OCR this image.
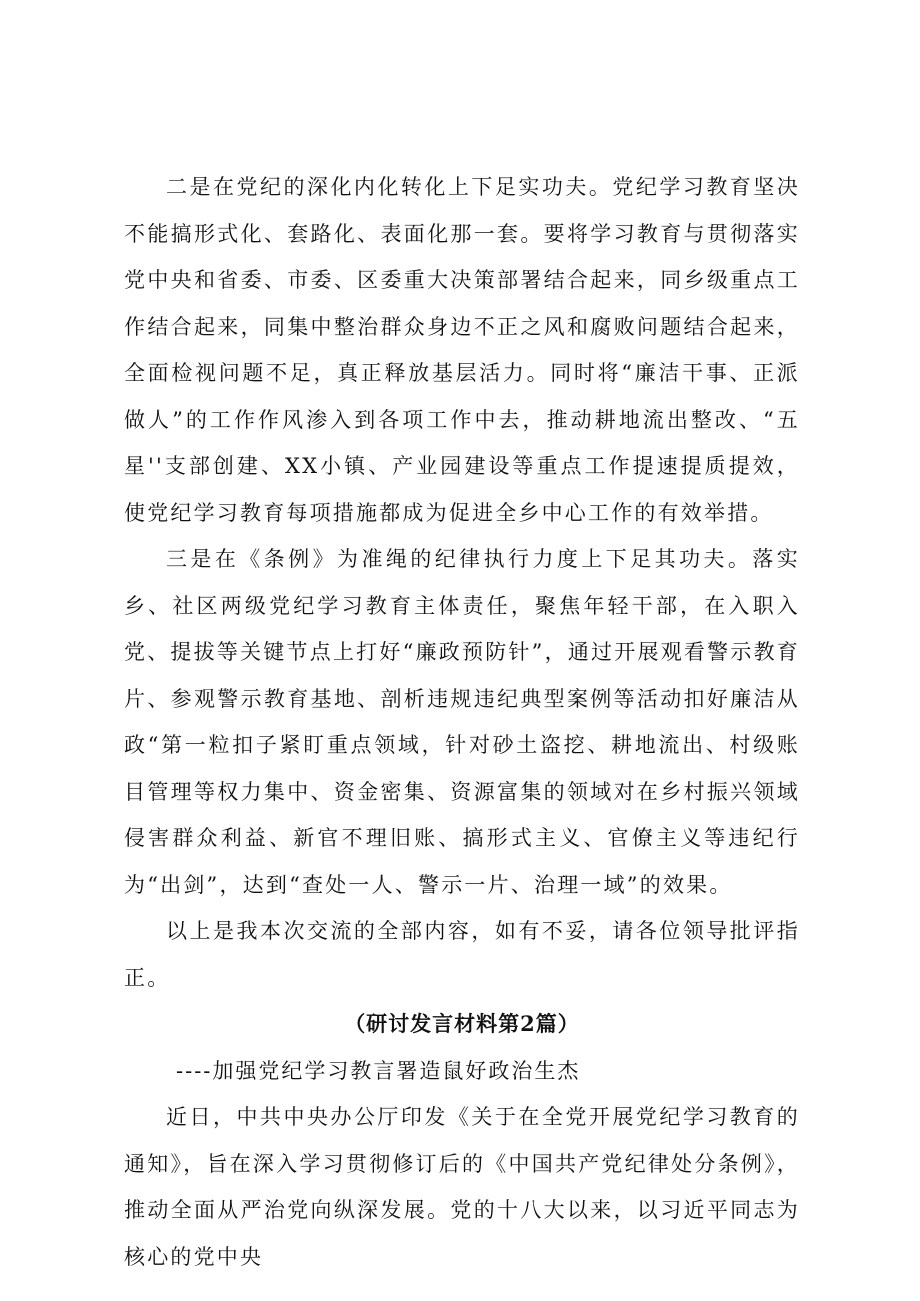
二是在党纪的深化内化转化上下足实功夫。党纪学习教育坚决不能搞形式化、套路化、表面化那一套。要将学习教育与贯彻落实党中央和省委、市委、区委重大决策部署结合起来，同乡级重点工作结合起来，同集中整治群众身边不正之风和腐败问题结合起来，全面检视问题不足，真正释放基层活力。同时将“廉洁干事、正派做人”的工作作风渗入到各项工作中去，推动耕地流出整改、“五星''支部创建、XX小镇、产业园建设等重点工作提速提质提效，使党纪学习教育每项措施都成为促进全乡中心工作的有效举措。

三是在《条例》为准绳的纪律执行力度上下足其功夫。落实乡、社区两级党纪学习教育主体责任，聚焦年轻干部，在入职入党、提拔等关键节点上打好“廉政预防针”，通过开展观看警示教育片、参观警示教育基地、剖析违规违纪典型案例等活动扣好廉洁从政“第一粒扣子紧盯重点领域，针对砂土盗挖、耕地流出、村级账目管理等权力集中、资金密集、资源富集的领域对在乡村振兴领域侵害群众利益、新官不理旧账、搞形式主义、官僚主义等违纪行为“出剑”，达到“查处一人、警示一片、治理一域”的效果。

以上是我本次交流的全部内容，如有不妥，请各位领导批评指正。

（研讨发言材料第2篇）

----加强党纪学习教言署造鼠好政治生杰

近日，中共中央办公厅印发《关于在全党开展党纪学习教育的通知》，旨在深入学习贯彻修订后的《中国共产党纪律处分条例》，推动全面从严治党向纵深发展。党的十八大以来，以习近平同志为核心的党中央
